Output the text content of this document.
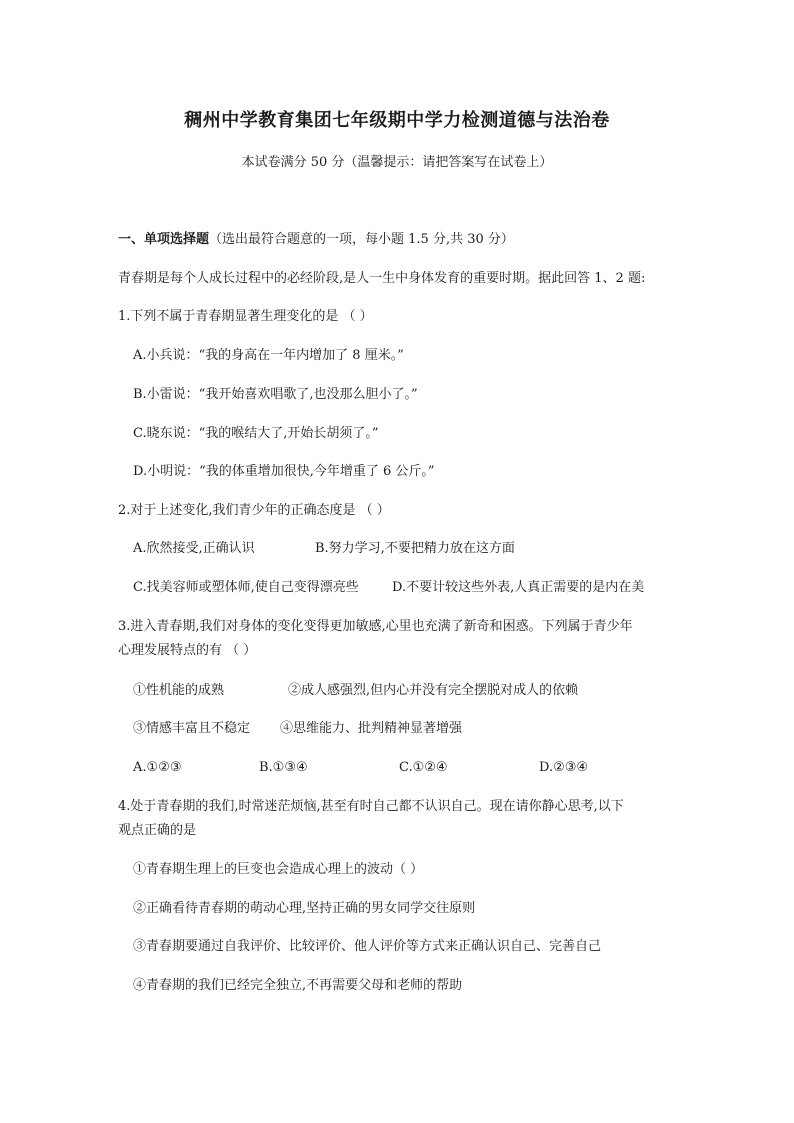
稠州中学教育集团七年级期中学力检测道德与法治卷
本试卷满分 50 分（温馨提示：请把答案写在试卷上）
一、单项选择题（选出最符合题意的一项，每小题 1.5 分,共 30 分）
青春期是每个人成长过程中的必经阶段,是人一生中身体发育的重要时期。据此回答 1、2 题:
1.下列不属于青春期显著生理变化的是 （ ）
A.小兵说：“我的身高在一年内增加了 8 厘米。”
B.小雷说：“我开始喜欢唱歌了,也没那么胆小了。”
C.晓东说：“我的喉结大了,开始长胡须了。”
D.小明说：“我的体重增加很快,今年增重了 6 公斤。”
2.对于上述变化,我们青少年的正确态度是 （ ）
A.欣然接受,正确认识	B.努力学习,不要把精力放在这方面
C.找美容师或塑体师,使自己变得漂亮些	D.不要计较这些外表,人真正需要的是内在美
3.进入青春期,我们对身体的变化变得更加敏感,心里也充满了新奇和困惑。下列属于青少年
心理发展特点的有 （ ）
①性机能的成熟	②成人感强烈,但内心并没有完全摆脱对成人的依赖
③情感丰富且不稳定 ④思维能力、批判精神显著增强
A.①②③	B.①③④	C.①②④	D.②③④
4.处于青春期的我们,时常迷茫烦恼,甚至有时自己都不认识自己。现在请你静心思考,以下
观点正确的是
①青春期生理上的巨变也会造成心理上的波动（ ）
②正确看待青春期的萌动心理,坚持正确的男女同学交往原则
③青春期要通过自我评价、比较评价、他人评价等方式来正确认识自己、完善自己
④青春期的我们已经完全独立,不再需要父母和老师的帮助
